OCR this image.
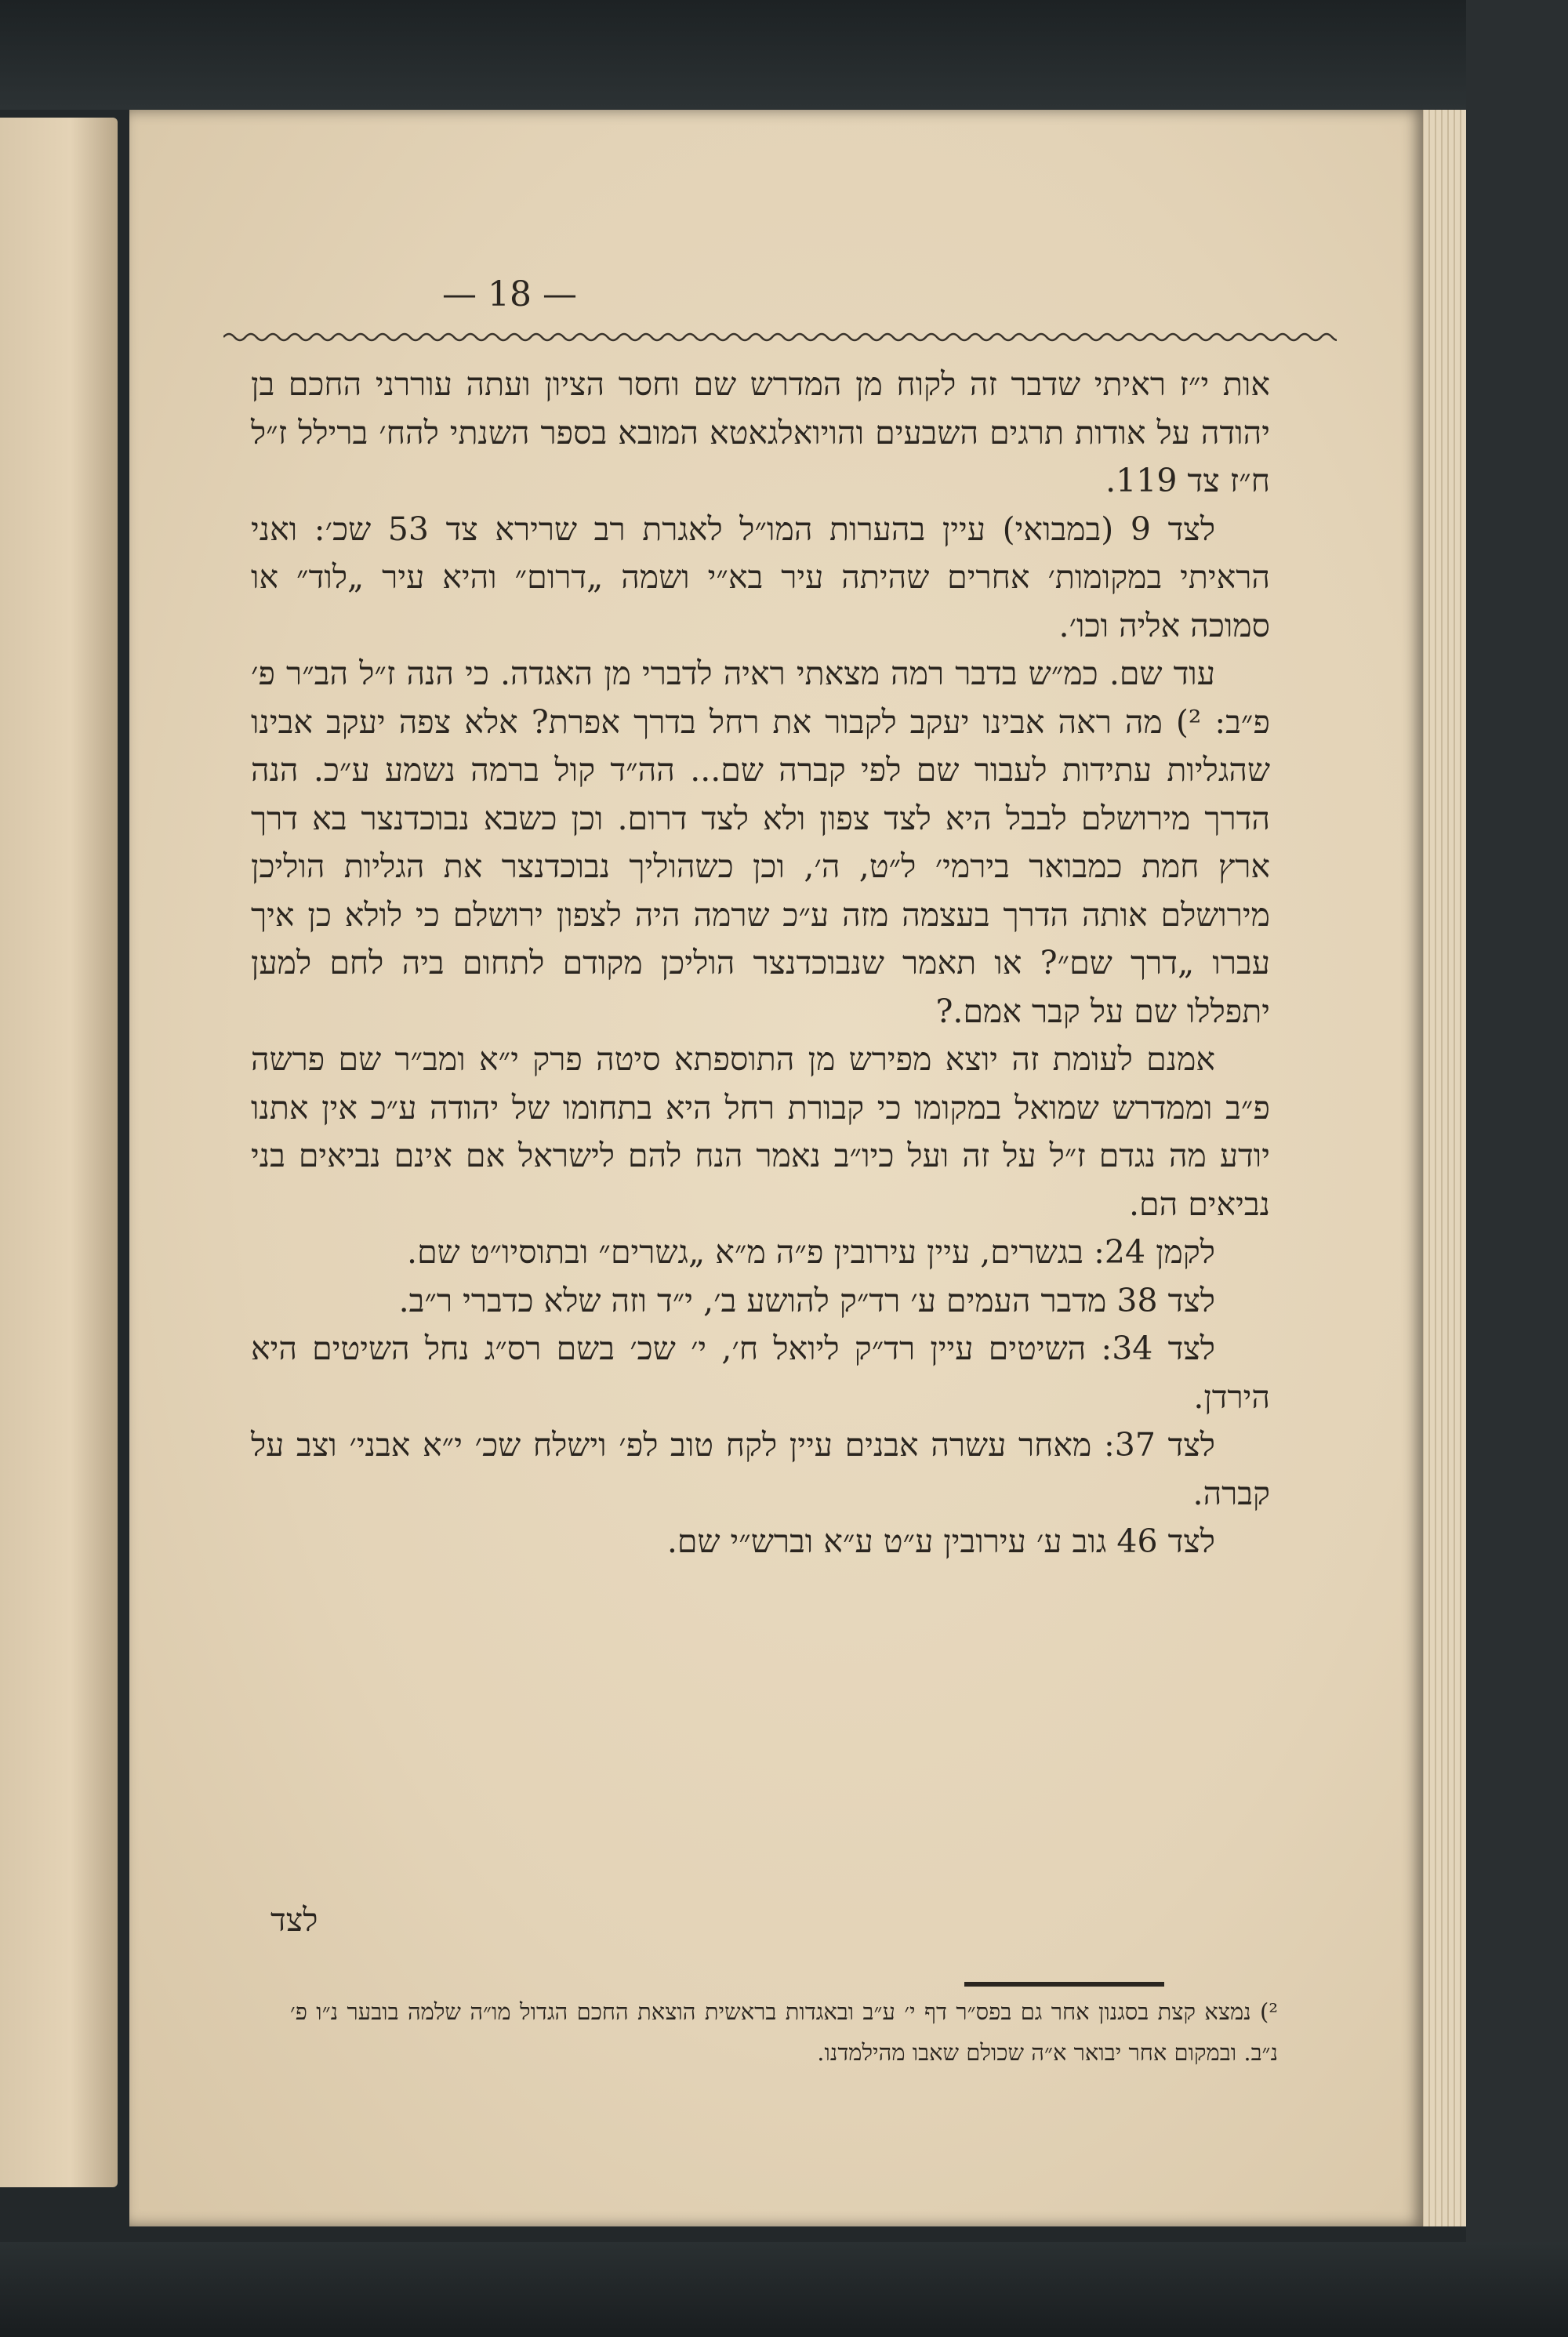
— 18 —

אות י״ז ראיתי שדבר זה לקוח מן המדרש שם וחסר הציון ועתה עוררני החכם בן יהודה על אודות תרגים השבעים והויואלגאטא המובא בספר השנתי להח׳ ברילל ז״ל ח״ז צד 119.

לצד 9 (במבואי) עיין בהערות המו״ל לאגרת רב שרירא צד 53 שכ׳: ואני הראיתי במקומות׳ אחרים שהיתה עיר בא״י ושמה „דרום״ והיא עיר „לוד״ או סמוכה אליה וכו׳.

עוד שם. כמ״ש בדבר רמה מצאתי ראיה לדברי מן האגדה. כי הנה ז״ל הב״ר פ׳ פ״ב: ²) מה ראה אבינו יעקב לקבור את רחל בדרך אפרת? אלא צפה יעקב אבינו שהגליות עתידות לעבור שם לפי קברה שם... הה״ד קול ברמה נשמע ע״כ. הנה הדרך מירושלם לבבל היא לצד צפון ולא לצד דרום. וכן כשבא נבוכדנצר בא דרך ארץ חמת כמבואר בירמי׳ ל״ט, ה׳, וכן כשהוליך נבוכדנצר את הגליות הוליכן מירושלם אותה הדרך בעצמה מזה ע״כ שרמה היה לצפון ירושלם כי לולא כן איך עברו „דרך שם״? או תאמר שנבוכדנצר הוליכן מקודם לתחום ביה לחם למען יתפללו שם על קבר אמם.?

אמנם לעומת זה יוצא מפירש מן התוספתא סיטה פרק י״א ומב״ר שם פרשה פ״ב וממדרש שמואל במקומו כי קבורת רחל היא בתחומו של יהודה ע״כ אין אתנו יודע מה נגדם ז״ל על זה ועל כיו״ב נאמר הנח להם לישראל אם אינם נביאים בני נביאים הם.

לקמן 24: בגשרים, עיין עירובין פ״ה מ״א „גשרים״ ובתוסיו״ט שם.

לצד 38 מדבר העמים ע׳ רד״ק להושע ב׳, י״ד וזה שלא כדברי ר״ב.

לצד 34: השיטים עיין רד״ק ליואל ח׳, י׳ שכ׳ בשם רס״ג נחל השיטים היא הירדן.

לצד 37: מאחר עשרה אבנים עיין לקח טוב לפ׳ וישלח שכ׳ י״א אבני׳ וצב על קברה.

לצד 46 גוב ע׳ עירובין ע״ט ע״א וברש״י שם.

לצד

²) נמצא קצת בסגנון אחר גם בפס״ר דף י׳ ע״ב ובאגדות בראשית הוצאת החכם הגדול מו״ה שלמה בובער נ״ו פ׳ נ״ב. ובמקום אחר יבואר א״ה שכולם שאבו מהילמדנו.
